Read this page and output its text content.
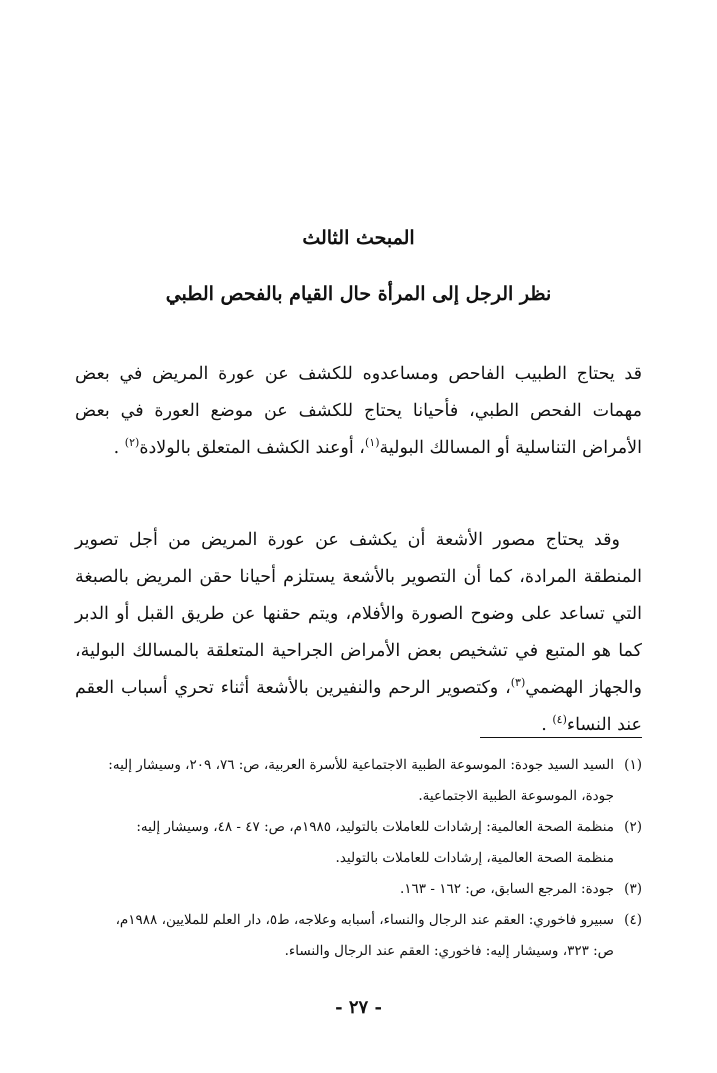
المبحث الثالث
نظر الرجل إلى المرأة حال القيام بالفحص الطبي

قد يحتاج الطبيب الفاحص ومساعدوه للكشف عن عورة المريض في بعض مهمات الفحص الطبي، فأحيانا يحتاج للكشف عن موضع العورة في بعض الأمراض التناسلية أو المسالك البولية$^{(١)}$، أوعند الكشف المتعلق بالولادة$^{(٢)}$ .

وقد يحتاج مصور الأشعة أن يكشف عن عورة المريض من أجل تصوير المنطقة المرادة، كما أن التصوير بالأشعة يستلزم أحيانا حقن المريض بالصبغة التي تساعد على وضوح الصورة والأفلام، ويتم حقنها عن طريق القبل أو الدبر كما هو المتبع في تشخيص بعض الأمراض الجراحية المتعلقة بالمسالك البولية، والجهاز الهضمي$^{(٣)}$، وكتصوير الرحم والنفيرين بالأشعة أثناء تحري أسباب العقم عند النساء$^{(٤)}$ .

(١)السيد السيد جودة: الموسوعة الطبية الاجتماعية للأسرة العربية، ص: ٧٦، ٢٠٩، وسيشار إليه:

جودة، الموسوعة الطبية الاجتماعية.

(٢)منظمة الصحة العالمية: إرشادات للعاملات بالتوليد، ١٩٨٥م، ص: ٤٧ - ٤٨، وسيشار إليه:

منظمة الصحة العالمية، إرشادات للعاملات بالتوليد.

(٣)جودة: المرجع السابق، ص: ١٦٢ - ١٦٣.

(٤)سبيرو فاخوري: العقم عند الرجال والنساء، أسبابه وعلاجه، ط٥، دار العلم للملايين، ١٩٨٨م،

ص: ٣٢٣، وسيشار إليه: فاخوري: العقم عند الرجال والنساء.

- ٢٧ -
